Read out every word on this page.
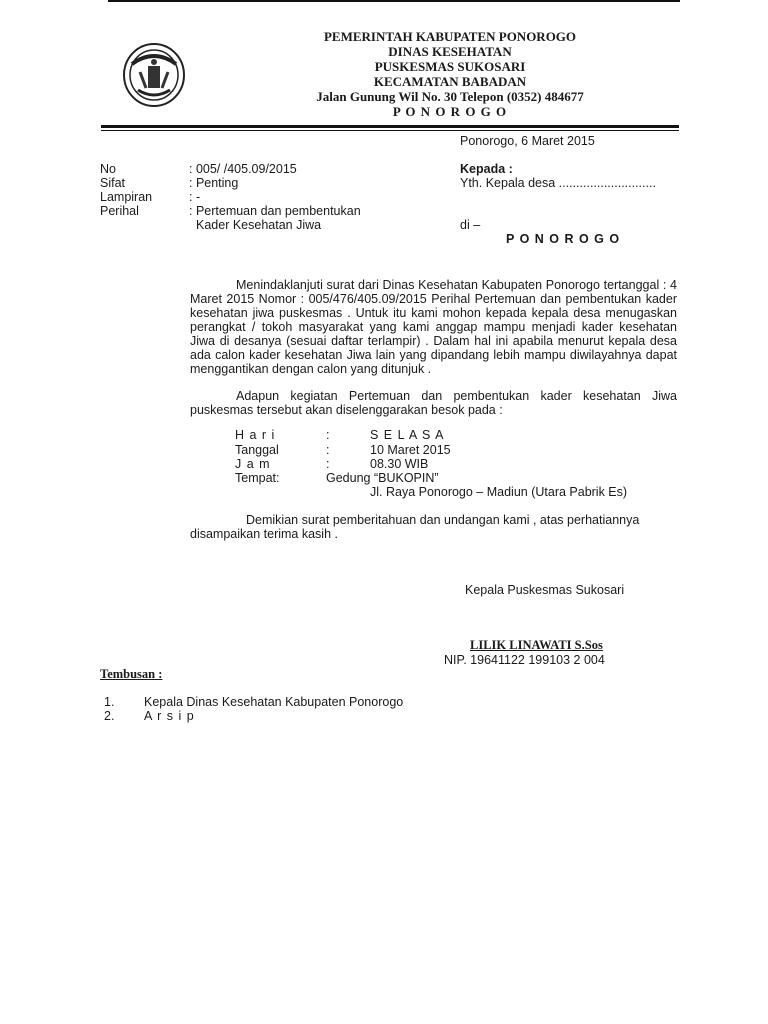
PEMERINTAH KABUPATEN PONOROGO
DINAS KESEHATAN
PUSKESMAS SUKOSARI
KECAMATAN BABADAN
Jalan Gunung Wil No. 30 Telepon (0352) 484677
P O N O R O G O
Ponorogo, 6 Maret 2015
No	: 005/ /405.09/2015
Sifat	: Penting
Lampiran	: -
Perihal	: Pertemuan dan pembentukan
Kader Kesehatan Jiwa
Kepada :
Yth. Kepala desa ............................
di –
P O N O R O G O
Menindaklanjuti surat dari Dinas Kesehatan Kabupaten Ponorogo tertanggal : 4 Maret 2015 Nomor : 005/476/405.09/2015 Perihal Pertemuan dan pembentukan kader kesehatan jiwa puskesmas . Untuk itu kami mohon kepada kepala desa menugaskan perangkat / tokoh masyarakat yang kami anggap mampu menjadi kader kesehatan Jiwa di desanya (sesuai daftar terlampir) . Dalam hal ini apabila menurut kepala desa ada calon kader kesehatan Jiwa lain yang dipandang lebih mampu diwilayahnya dapat menggantikan dengan calon yang ditunjuk .
Adapun kegiatan Pertemuan dan pembentukan kader kesehatan Jiwa puskesmas tersebut akan diselenggarakan besok pada :
H a r i	:	S E L A S A
Tanggal	:	10 Maret 2015
J a m	:	08.30 WIB
Tempat:	Gedung “BUKOPIN”
Jl. Raya Ponorogo – Madiun (Utara Pabrik Es)
Demikian surat pemberitahuan dan undangan kami , atas perhatiannya
disampaikan terima kasih .
Kepala Puskesmas Sukosari
LILIK LINAWATI S.Sos
NIP. 19641122 199103 2 004
Tembusan :
1. Kepala Dinas Kesehatan Kabupaten Ponorogo
2. A r s i p
